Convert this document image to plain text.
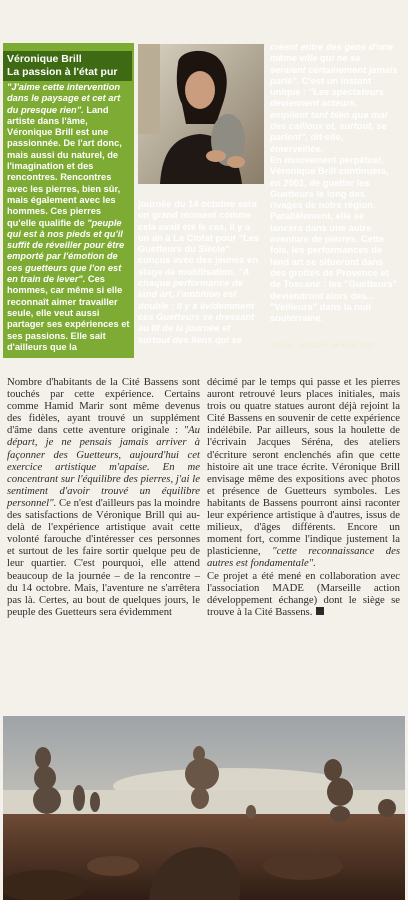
Véronique Brill
La passion à l'état pur

"J'aime cette intervention dans le paysage et cet art du presque rien". Land artiste dans l'âme, Véronique Brill est une passionnée. De l'art donc, mais aussi du naturel, de l'imagination et des rencontres. Rencontres avec les pierres, bien sûr, mais également avec les hommes. Ces pierres qu'elle qualifie de "peuple qui est à nos pieds et qu'il suffit de réveiller pour être emporté par l'émotion de ces guetteurs que l'on est en train de lever". Ces hommes, car même si elle reconnaît aimer travailler seule, elle veut aussi partager ses expériences et ses passions. Elle sait d'ailleurs que la

journée du 14 octobre sera un grand moment comme cela avait été le cas, il y a un an à La Ciotat pour "Les Guetteurs du Siècle" conçus avec des jeunes en stage de mobilisation. "A chaque performance de land art, l'ambition est double : il y a évidemment ces Guetteurs se dressant au fil de la journée et surtout des liens qui se

créent entre des gens d'une même ville qui ne se seraient certainement jamais parlé". C'est un instant unique : "Les spectateurs deviennent acteurs, empilent tant bien que mal des cailloux et, surtout, se parlent", dit-elle, émerveillée.

En mouvement perpétuel, Véronique Brill continuera, en 2001, de guetter les Guetteurs le long des rivages de notre région. Parallèlement, elle se lancera dans une autre aventure de pierres. Cette fois, les performances de land art se situeront dans des grottes de Provence et de Toscane : les "Guetteurs" deviendront alors des... "Veilleurs" dans la nuit souterraine.

Contact : ACACIAA, 04 42 08 33 37

Nombre d'habitants de la Cité Bassens sont touchés par cette expérience. Certains comme Hamid Marir sont même devenus des fidèles, ayant trouvé un supplément d'âme dans cette aventure originale : "Au départ, je ne pensais jamais arriver à façonner des Guetteurs, aujourd'hui cet exercice artistique m'apaise. En me concentrant sur l'équilibre des pierres, j'ai le sentiment d'avoir trouvé un équilibre personnel". Ce n'est d'ailleurs pas la moindre des satisfactions de Véronique Brill qui au-delà de l'expérience artistique avait cette volonté farouche d'intéresser ces personnes et surtout de les faire sortir quelque peu de leur quartier. C'est pourquoi, elle attend beaucoup de la journée – de la rencontre – du 14 octobre. Mais, l'aventure ne s'arrêtera pas là. Certes, au bout de quelques jours, le peuple des Guetteurs sera évidemment

décimé par le temps qui passe et les pierres auront retrouvé leurs places initiales, mais trois ou quatre statues auront déjà rejoint la Cité Bassens en souvenir de cette expérience indélébile. Par ailleurs, sous la houlette de l'écrivain Jacques Séréna, des ateliers d'écriture seront enclenchés afin que cette histoire ait une trace écrite. Véronique Brill envisage même des expositions avec photos et présence de Guetteurs symboles. Les habitants de Bassens pourront ainsi raconter leur expérience artistique à d'autres, issus de milieux, d'âges différents. Encore un moment fort, comme l'indique justement la plasticienne, "cette reconnaissance des autres est fondamentale".

Ce projet a été mené en collaboration avec l'association MADE (Marseille action développement échange) dont le siège se trouve à la Cité Bassens.
